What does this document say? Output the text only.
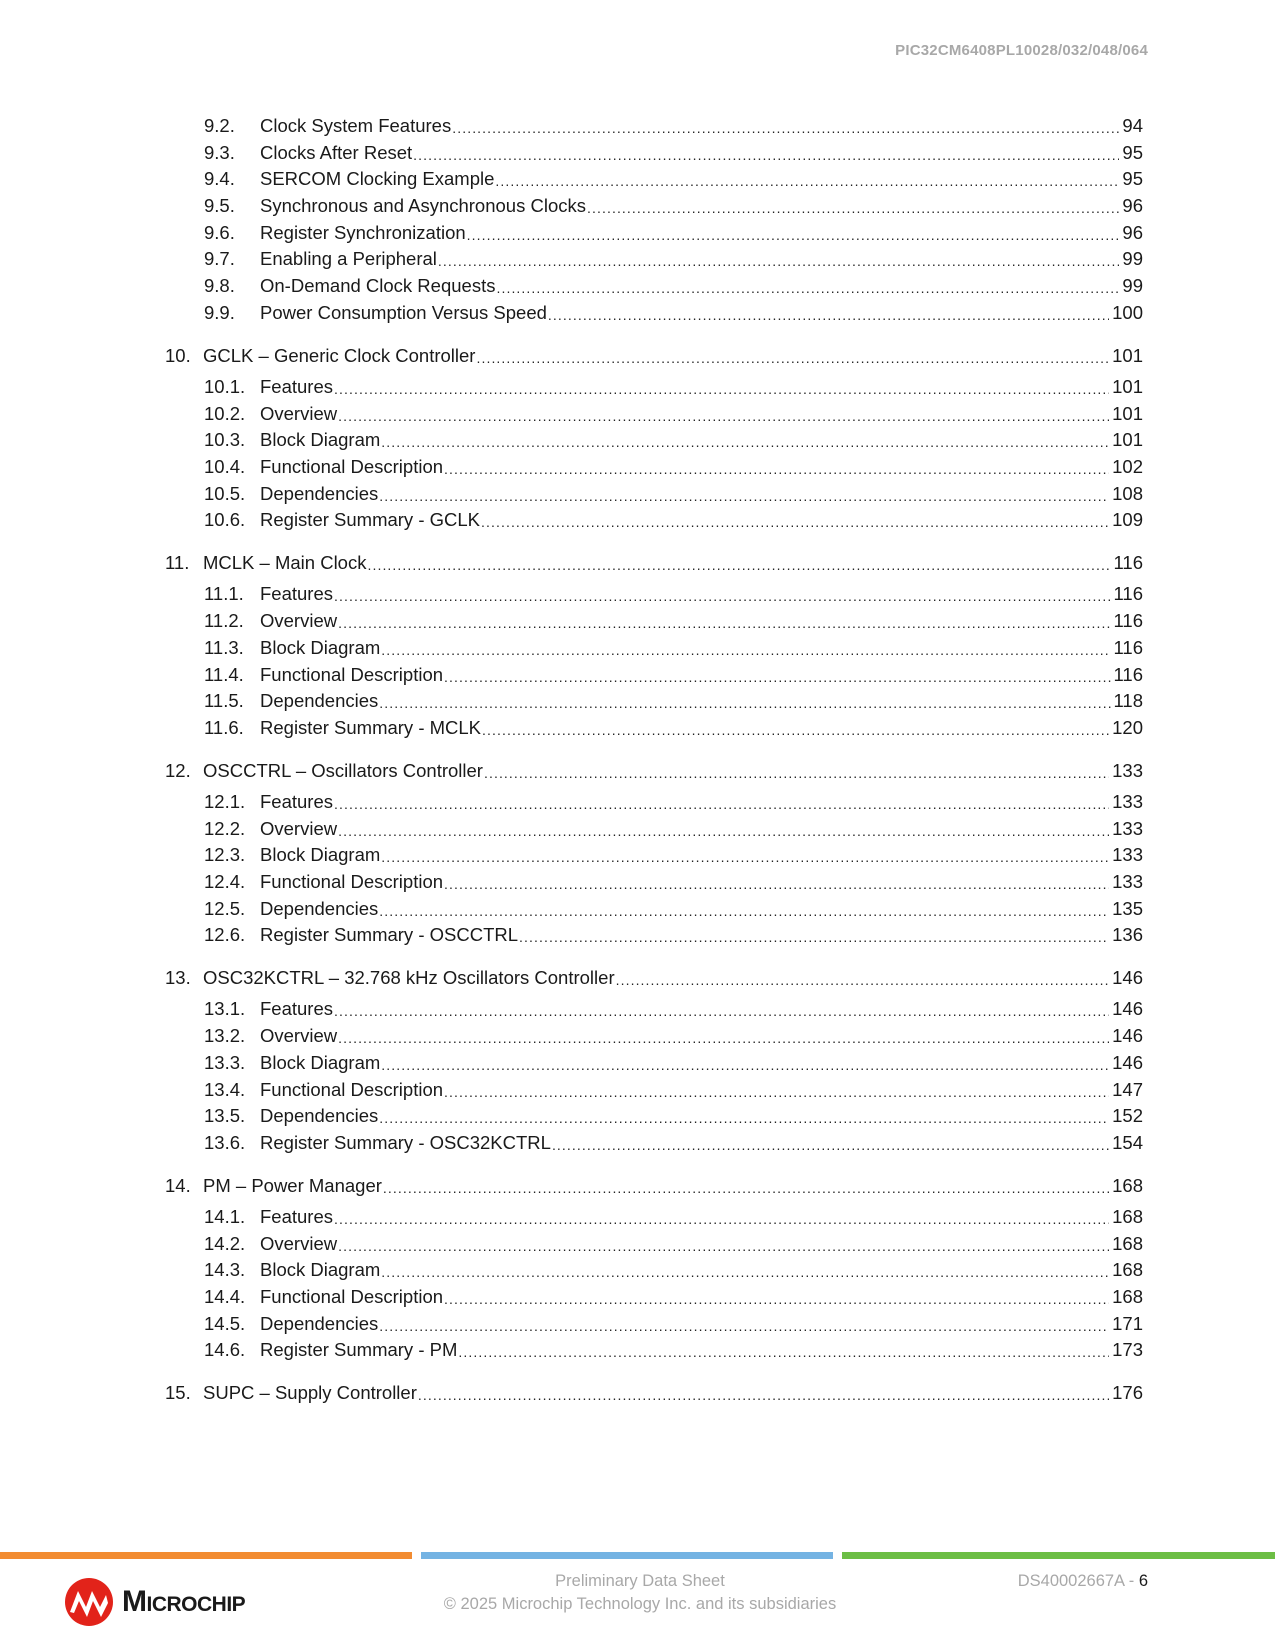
PIC32CM6408PL10028/032/048/064
9.2.	Clock System Features .....	94
9.3.	Clocks After Reset .....	95
9.4.	SERCOM Clocking Example .....	95
9.5.	Synchronous and Asynchronous Clocks .....	96
9.6.	Register Synchronization .....	96
9.7.	Enabling a Peripheral .....	99
9.8.	On-Demand Clock Requests .....	99
9.9.	Power Consumption Versus Speed .....	100
10. GCLK – Generic Clock Controller .....	101
10.1. Features .....	101
10.2. Overview .....	101
10.3. Block Diagram .....	101
10.4. Functional Description .....	102
10.5. Dependencies .....	108
10.6. Register Summary - GCLK .....	109
11. MCLK – Main Clock .....	116
11.1. Features .....	116
11.2. Overview .....	116
11.3. Block Diagram .....	116
11.4. Functional Description .....	116
11.5. Dependencies .....	118
11.6. Register Summary - MCLK .....	120
12. OSCCTRL – Oscillators Controller .....	133
12.1. Features .....	133
12.2. Overview .....	133
12.3. Block Diagram .....	133
12.4. Functional Description .....	133
12.5. Dependencies .....	135
12.6. Register Summary - OSCCTRL .....	136
13. OSC32KCTRL – 32.768 kHz Oscillators Controller .....	146
13.1. Features .....	146
13.2. Overview .....	146
13.3. Block Diagram .....	146
13.4. Functional Description .....	147
13.5. Dependencies .....	152
13.6. Register Summary - OSC32KCTRL .....	154
14. PM – Power Manager .....	168
14.1. Features .....	168
14.2. Overview .....	168
14.3. Block Diagram .....	168
14.4. Functional Description .....	168
14.5. Dependencies .....	171
14.6. Register Summary - PM .....	173
15. SUPC – Supply Controller .....	176
Microchip
Preliminary Data Sheet
© 2025 Microchip Technology Inc. and its subsidiaries
DS40002667A - 6
